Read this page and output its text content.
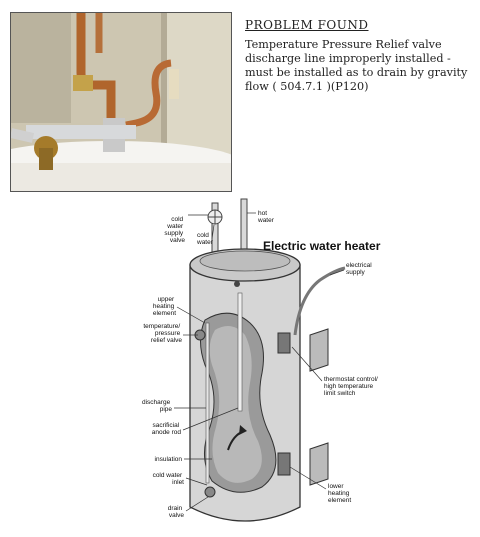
PROBLEM FOUND

Temperature Pressure Relief valve discharge line improperly installed - must be installed as to drain by gravity flow ( 504.7.1 )(P120)

Electric water heater
cold water supply valve
cold water
hot water
electrical supply
upper heating element
temperature/ pressure relief valve
discharge pipe
sacrificial anode rod
insulation
cold water inlet
drain valve
thermostat control/ high temperature limit switch
lower heating element
